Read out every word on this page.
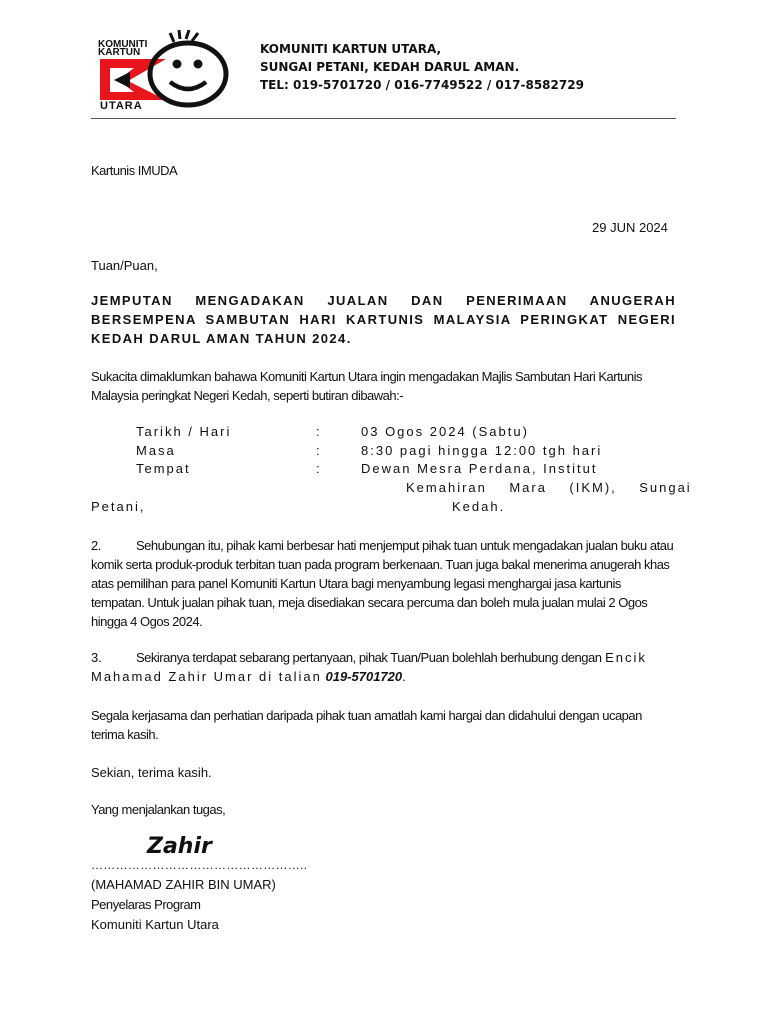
KOMUNITI
KARTUN
UTARA
KOMUNITI KARTUN UTARA,
SUNGAI PETANI, KEDAH DARUL AMAN.
TEL: 019-5701720 / 016-7749522 / 017-8582729
Kartunis IMUDA
29 JUN 2024
Tuan/Puan,
JEMPUTAN MENGADAKAN JUALAN DAN PENERIMAAN ANUGERAH BERSEMPENA SAMBUTAN HARI KARTUNIS MALAYSIA PERINGKAT NEGERI KEDAH DARUL AMAN TAHUN 2024.
Sukacita dimaklumkan bahawa Komuniti Kartun Utara ingin mengadakan Majlis Sambutan Hari Kartunis Malaysia peringkat Negeri Kedah, seperti butiran dibawah:-
Tarikh / Hari	:	03 Ogos 2024 (Sabtu)
Masa	:	8:30 pagi hingga 12:00 tgh hari
Tempat	:	Dewan Mesra Perdana, Institut
Kemahiran    Mara    (IKM),    Sungai
Petani,	Kedah.
2.	Sehubungan itu, pihak kami berbesar hati menjemput pihak tuan untuk mengadakan jualan buku atau komik serta produk-produk terbitan tuan pada program berkenaan. Tuan juga bakal menerima anugerah khas atas pemilihan para panel Komuniti Kartun Utara bagi menyambung legasi menghargai jasa kartunis tempatan. Untuk jualan pihak tuan, meja disediakan secara percuma dan boleh mula jualan mulai 2 Ogos hingga 4 Ogos 2024.
3.	Sekiranya terdapat sebarang pertanyaan, pihak Tuan/Puan bolehlah berhubung dengan Encik Mahamad Zahir Umar di talian 019-5701720.
Segala kerjasama dan perhatian daripada pihak tuan amatlah kami hargai dan didahului dengan ucapan terima kasih.
Sekian, terima kasih.
Yang menjalankan tugas,
Zahir
……………………………………………..
(MAHAMAD ZAHIR BIN UMAR)
Penyelaras Program
Komuniti Kartun Utara
